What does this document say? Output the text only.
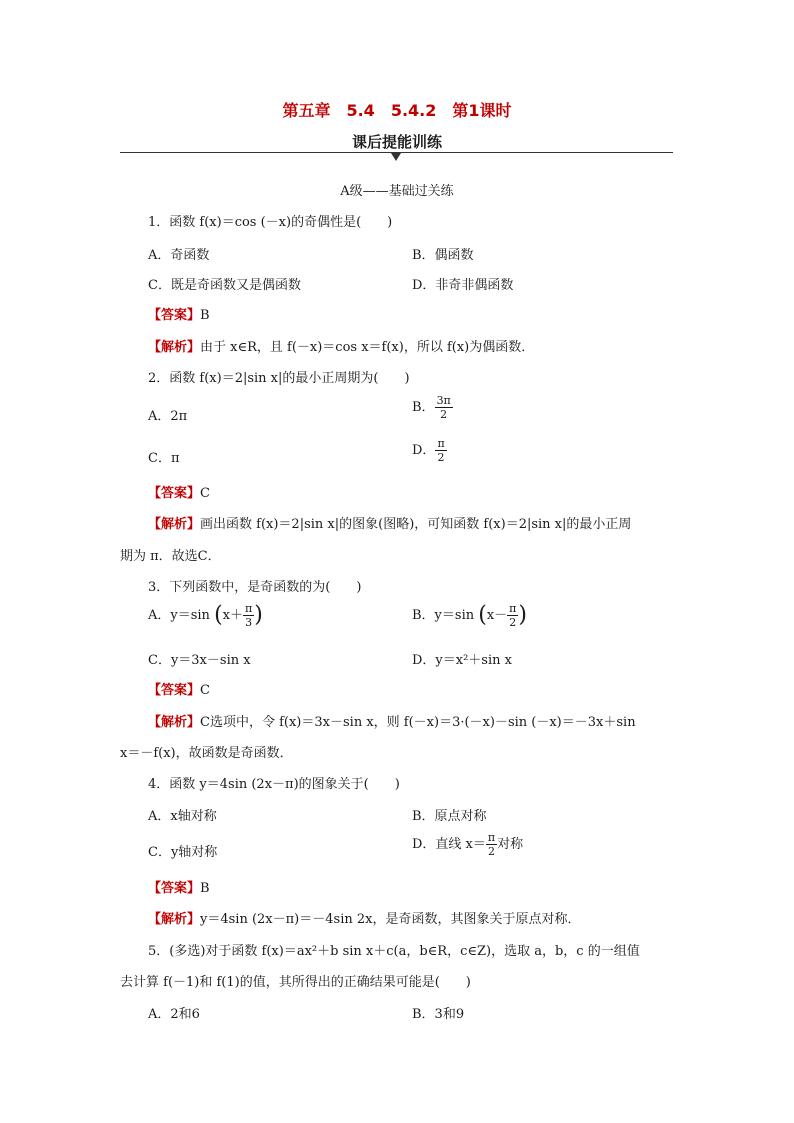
第五章　5.4　5.4.2　第1课时
课后提能训练
A级——基础过关练
1．函数 f(x)＝cos (－x)的奇偶性是(　　)
A．奇函数	B．偶函数
C．既是奇函数又是偶函数	D．非奇非偶函数
【答案】B
【解析】由于 x∈R，且 f(－x)＝cos x＝f(x)，所以 f(x)为偶函数．
2．函数 f(x)＝2|sin x|的最小正周期为(　　)
A．2π
B． $\frac{3\pi}{2}$
C．π
D． $\frac{\pi}{2}$
【答案】C
【解析】画出函数 f(x)＝2|sin x|的图象(图略)，可知函数 f(x)＝2|sin x|的最小正周
期为 π．故选C．
3．下列函数中，是奇函数的为(　　)
A．y＝sin ($x+ \frac{\pi}{3}$ )	B．y＝sin ($x- \frac{\pi}{2}$ )
C．y＝3x－sin x	D．y＝x²＋sin x
【答案】C
【解析】C选项中，令 f(x)＝3x－sin x，则 f(－x)＝3·(－x)－sin (－x)＝－3x＋sin
x＝－f(x)，故函数是奇函数．
4．函数 y＝4sin (2x－π)的图象关于(　　)
A．x轴对称	B．原点对称
C．y轴对称
D．直线 $x= \frac{\pi}{2}$ 对称
【答案】B
【解析】y＝4sin (2x－π)＝－4sin 2x，是奇函数，其图象关于原点对称．
5．(多选)对于函数 f(x)＝ax²＋b sin x＋c(a，b∈R，c∈Z)，选取 a，b，c 的一组值
去计算 f(－1)和 f(1)的值，其所得出的正确结果可能是(　　)
A．2和6	B．3和9
